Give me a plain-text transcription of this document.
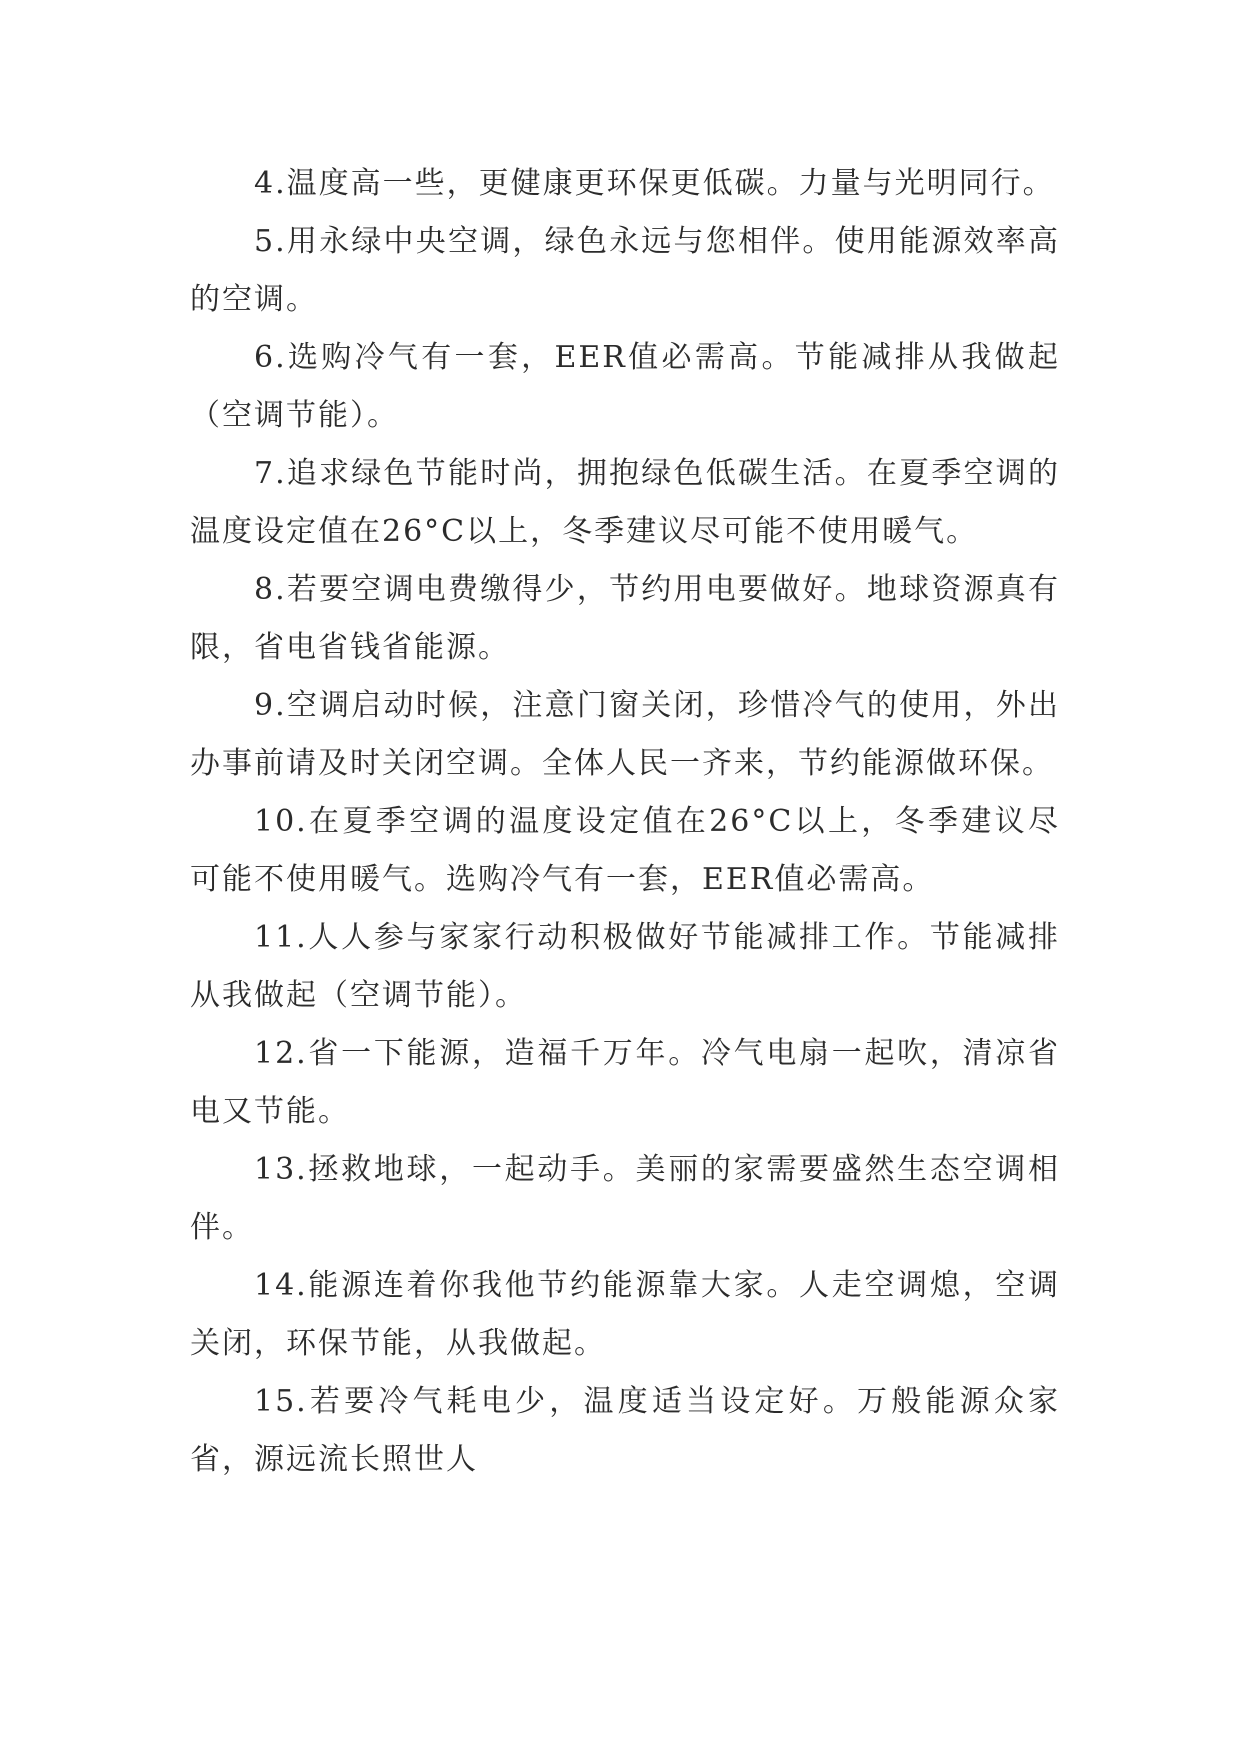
4.温度高一些，更健康更环保更低碳。力量与光明同行。

5.用永绿中央空调，绿色永远与您相伴。使用能源效率高的空调。

6.选购冷气有一套，EER值必需高。节能减排从我做起（空调节能）。

7.追求绿色节能时尚，拥抱绿色低碳生活。在夏季空调的温度设定值在26°C以上，冬季建议尽可能不使用暖气。

8.若要空调电费缴得少，节约用电要做好。地球资源真有限，省电省钱省能源。

9.空调启动时候，注意门窗关闭，珍惜冷气的使用，外出办事前请及时关闭空调。全体人民一齐来，节约能源做环保。

10.在夏季空调的温度设定值在26°C以上，冬季建议尽可能不使用暖气。选购冷气有一套，EER值必需高。

11.人人参与家家行动积极做好节能减排工作。节能减排从我做起（空调节能）。

12.省一下能源，造福千万年。冷气电扇一起吹，清凉省电又节能。

13.拯救地球，一起动手。美丽的家需要盛然生态空调相伴。

14.能源连着你我他节约能源靠大家。人走空调熄，空调关闭，环保节能，从我做起。

15.若要冷气耗电少，温度适当设定好。万般能源众家省，源远流长照世人
